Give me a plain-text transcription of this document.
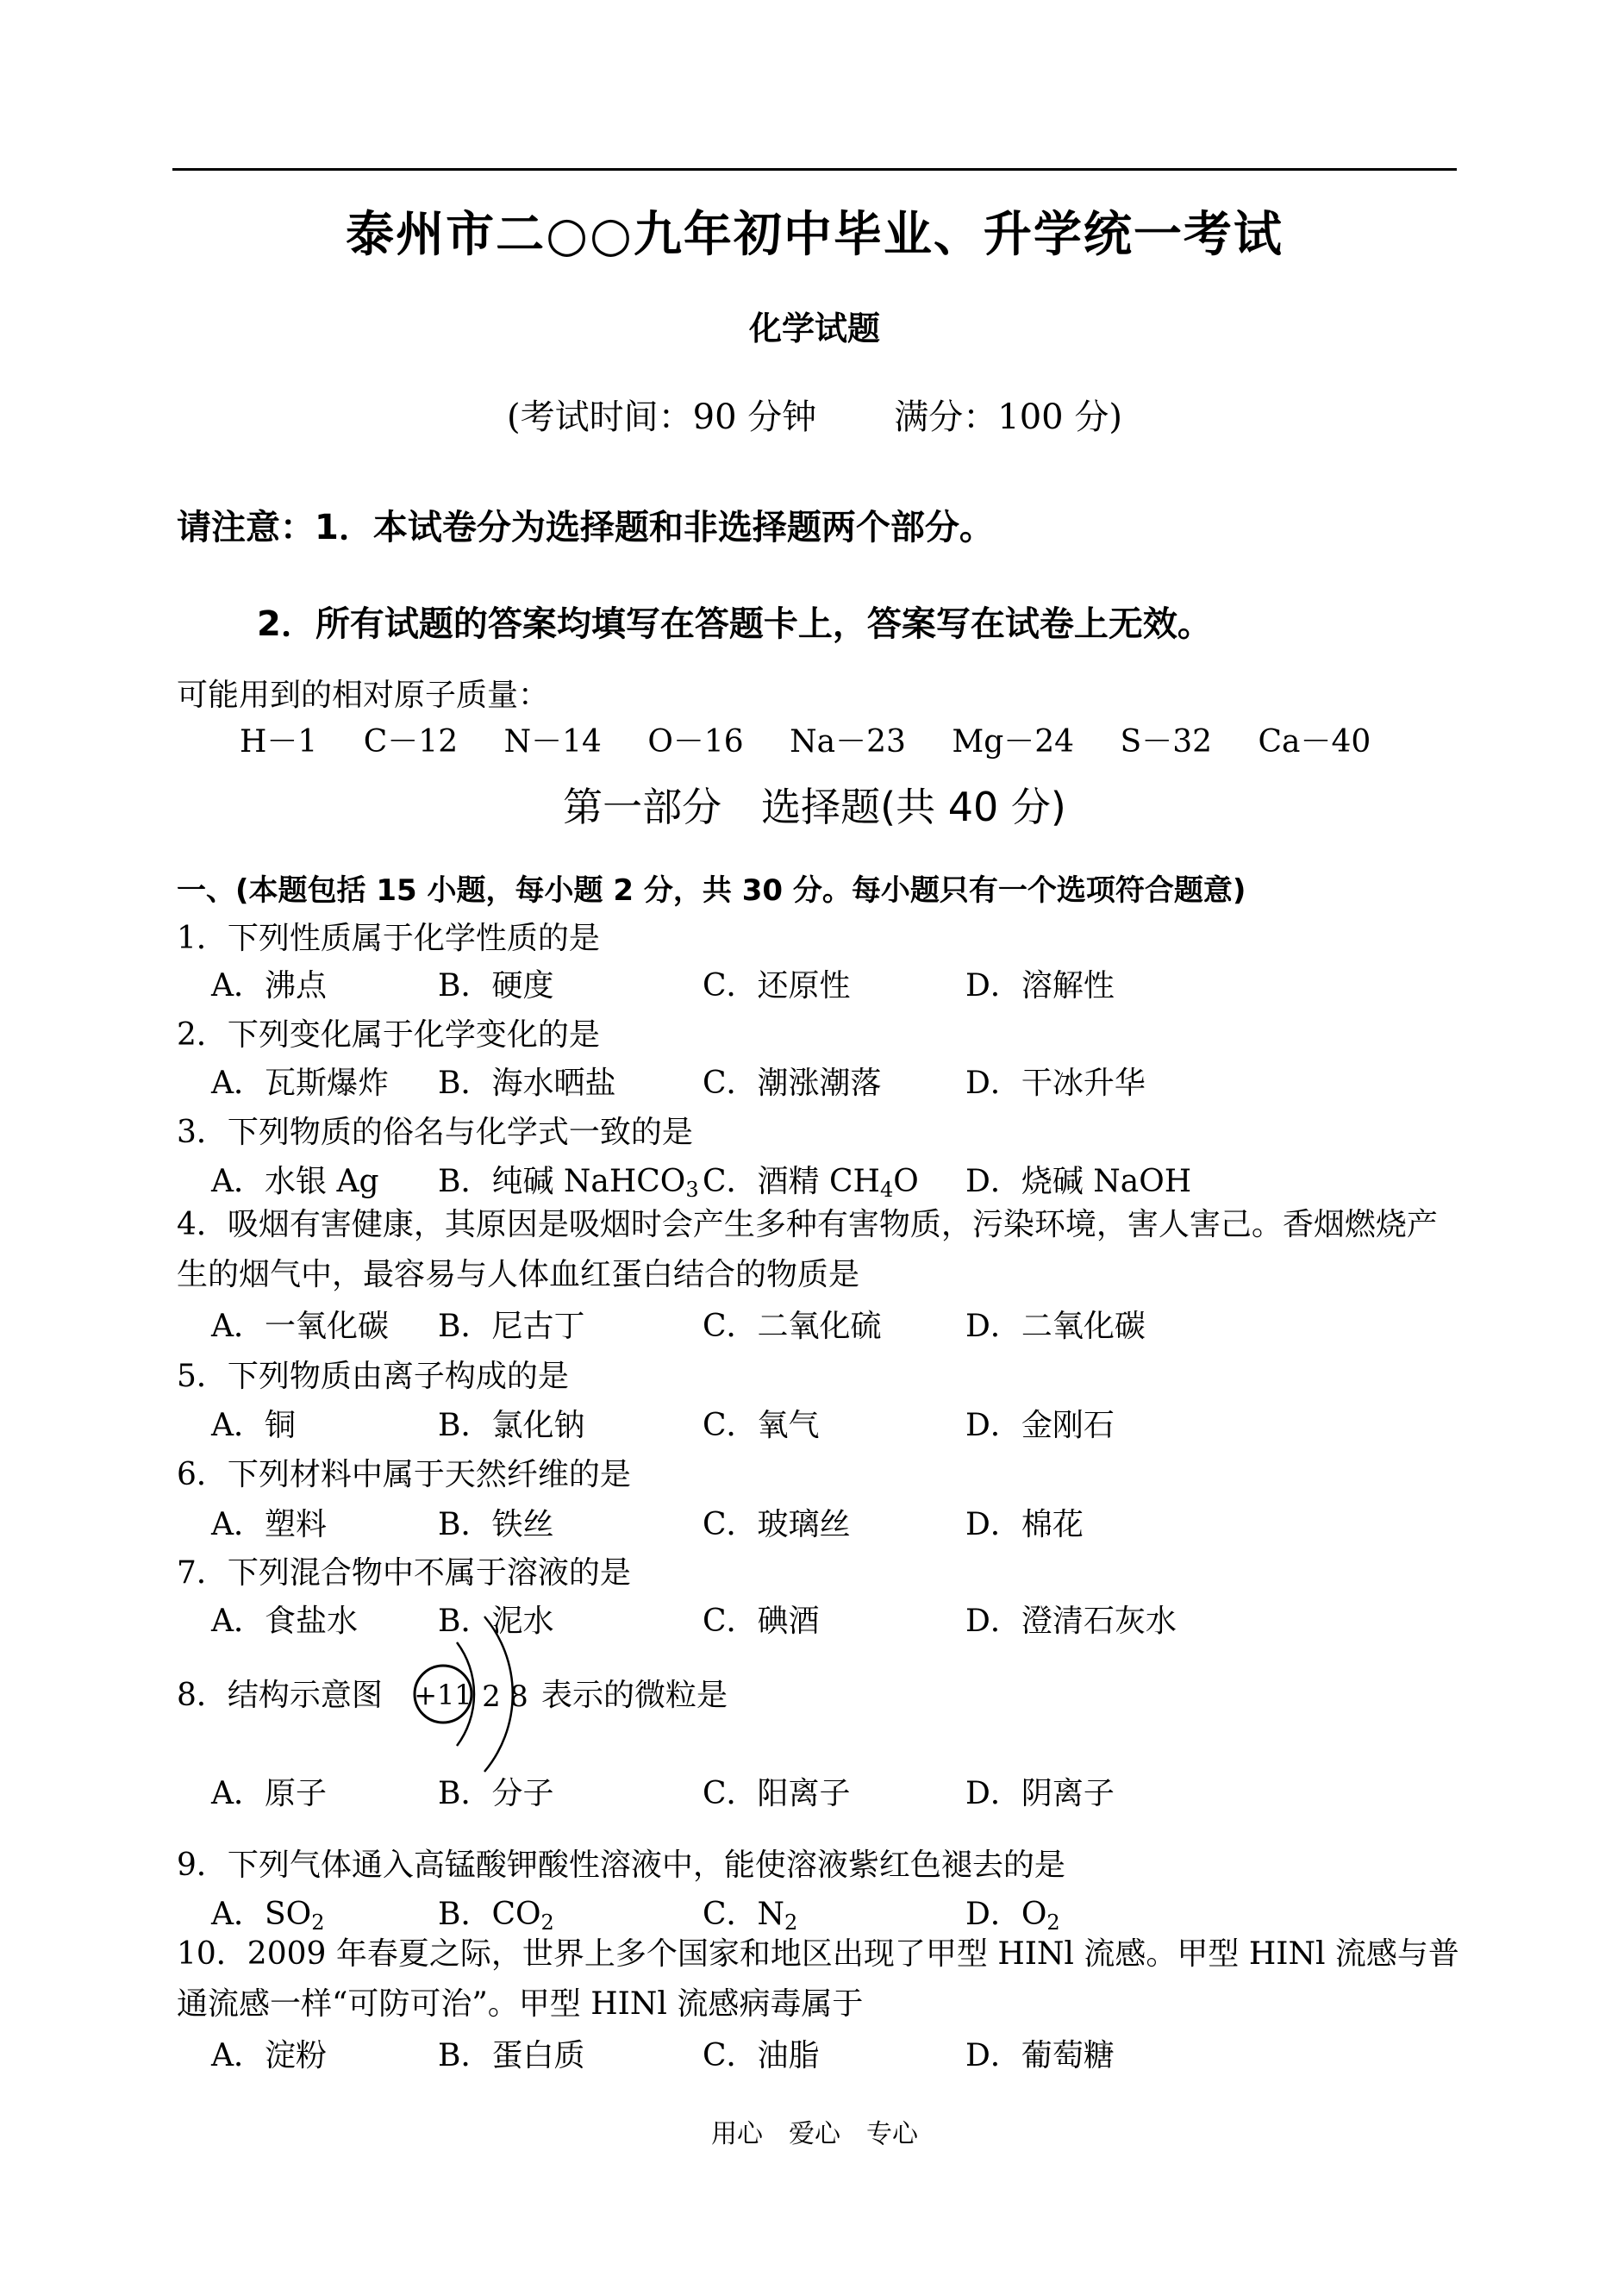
泰州市二○○九年初中毕业、升学统一考试
化学试题
(考试时间：90 分钟 满分：100 分)
请注意：1．本试卷分为选择题和非选择题两个部分。
2．所有试题的答案均填写在答题卡上，答案写在试卷上无效。
可能用到的相对原子质量：
H－1 C－12 N－14 O－16 Na－23 Mg－24 S－32 Ca－40
第一部分　选择题(共 40 分)
一、(本题包括 15 小题，每小题 2 分，共 30 分。每小题只有一个选项符合题意)
1．下列性质属于化学性质的是
A．沸点	B．硬度	C．还原性	D．溶解性
2．下列变化属于化学变化的是
A．瓦斯爆炸 B．海水晒盐	C．潮涨潮落	D．干冰升华
3．下列物质的俗名与化学式一致的是
A．水银 Ag B．纯碱 NaHCO$_3$ C．酒精 $CH_4O$ D．烧碱 NaOH
4．吸烟有害健康，其原因是吸烟时会产生多种有害物质，污染环境，害人害己。香烟燃烧产生的烟气中，最容易与人体血红蛋白结合的物质是
A．一氧化碳 B．尼古丁	C．二氧化硫	D．二氧化碳
5．下列物质由离子构成的是
A．铜	B．氯化钠	C．氧气	D．金刚石
6．下列材料中属于天然纤维的是
A．塑料	B．铁丝	C．玻璃丝	D．棉花
7．下列混合物中不属于溶液的是
A．食盐水	B．泥水	C．碘酒	D．澄清石灰水
8．结构示意图	表示的微粒是
+11 2 8
A．原子	B．分子	C．阳离子	D．阴离子
9．下列气体通入高锰酸钾酸性溶液中，能使溶液紫红色褪去的是
A．$SO_2$	B．$CO_2$	C．$N_2$	D．$O_2$
10．2009 年春夏之际，世界上多个国家和地区出现了甲型 HINl 流感。甲型 HINl 流感与普通流感一样“可防可治”。甲型 HINl 流感病毒属于
A．淀粉	B．蛋白质	C．油脂	D．葡萄糖
用心　爱心　专心
